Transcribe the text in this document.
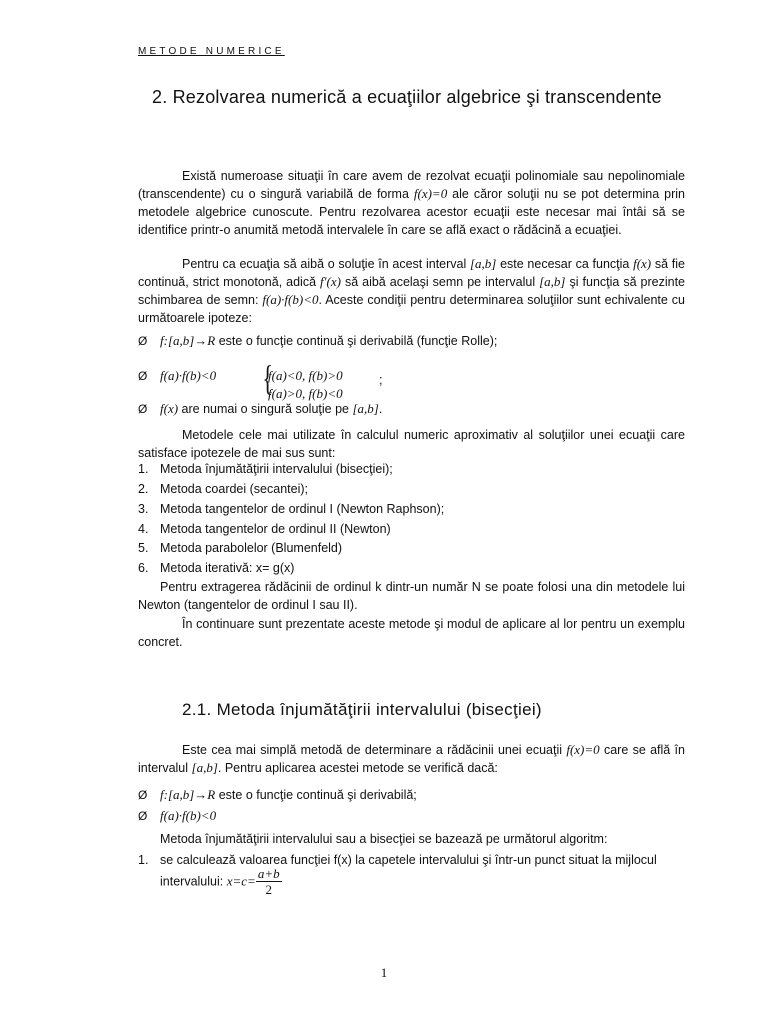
METODE NUMERICE
2. Rezolvarea numerică a ecuaţiilor algebrice şi transcendente
Există numeroase situaţii în care avem de rezolvat ecuaţii polinomiale sau nepolinomiale (transcendente) cu o singură variabilă de forma f(x)=0 ale căror soluţii nu se pot determina prin metodele algebrice cunoscute. Pentru rezolvarea acestor ecuaţii este necesar mai întâi să se identifice printr-o anumită metodă intervalele în care se află exact o rădăcină a ecuaţiei.
Pentru ca ecuaţia să aibă o soluţie în acest interval [a,b] este necesar ca funcţia f(x) să fie continuă, strict monotonă, adică f′(x) să aibă acelaşi semn pe intervalul [a,b] şi funcţia să prezinte schimbarea de semn: f(a)·f(b)<0. Aceste condiţii pentru determinarea soluţiilor sunt echivalente cu următoarele ipoteze:
Ø f:[a,b]→R este o funcţie continuă şi derivabilă (funcţie Rolle);
Ø f(a)·f(b)<0 {
f(a)<0, f(b)>0
f(a)>0, f(b)<0
;
Ø f(x) are numai o singură soluţie pe [a,b].
Metodele cele mai utilizate în calculul numeric aproximativ al soluţiilor unei ecuaţii care satisface ipotezele de mai sus sunt:
1. Metoda înjumătăţirii intervalului (bisecţiei);
2. Metoda coardei (secantei);
3. Metoda tangentelor de ordinul I (Newton Raphson);
4. Metoda tangentelor de ordinul II (Newton)
5. Metoda parabolelor (Blumenfeld)
6. Metoda iterativă: x= g(x)
Pentru extragerea rădăcinii de ordinul k dintr-un număr N se poate folosi una din metodele lui Newton (tangentelor de ordinul I sau II).
În continuare sunt prezentate aceste metode şi modul de aplicare al lor pentru un exemplu concret.
2.1. Metoda înjumătăţirii intervalului (bisecţiei)
Este cea mai simplă metodă de determinare a rădăcinii unei ecuaţii f(x)=0 care se află în intervalul [a,b]. Pentru aplicarea acestei metode se verifică dacă:
Ø f:[a,b]→R este o funcţie continuă şi derivabilă;
Ø f(a)·f(b)<0
Metoda înjumătăţirii intervalului sau a bisecţiei se bazează pe următorul algoritm:
1. se calculează valoarea funcţiei f(x) la capetele intervalului şi într-un punct situat la mijlocul
intervalului: $x=c= \frac{a+b}{2}$
1
